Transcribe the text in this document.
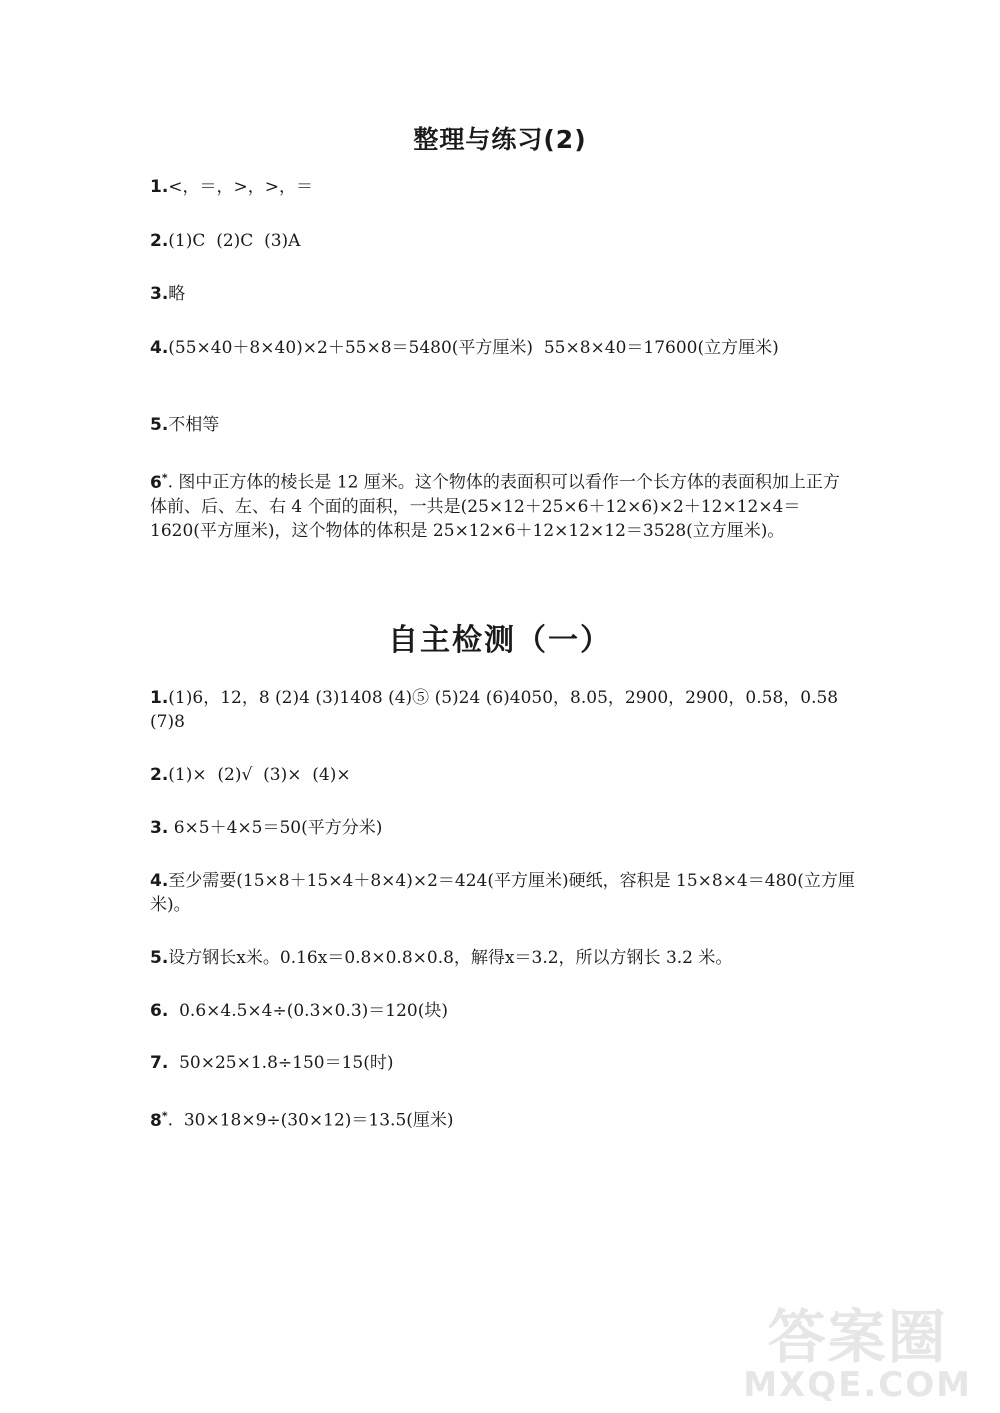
整理与练习(2)
1.<，＝，>，>，＝
2.(1)C  (2)C  (3)A
3.略
4.(55×40＋8×40)×2＋55×8＝5480(平方厘米)  55×8×40＝17600(立方厘米)
5.不相等
6*. 图中正方体的棱长是 12 厘米。这个物体的表面积可以看作一个长方体的表面积加上正方体前、后、左、右 4 个面的面积，一共是(25×12＋25×6＋12×6)×2＋12×12×4＝1620(平方厘米)，这个物体的体积是 25×12×6＋12×12×12＝3528(立方厘米)。
自主检测（一）
1.(1)6，12，8 (2)4 (3)1408 (4)⑤ (5)24 (6)4050，8.05，2900，2900，0.58，0.58 (7)8
2.(1)×  (2)√  (3)×  (4)×
3. 6×5＋4×5＝50(平方分米)
4.至少需要(15×8＋15×4＋8×4)×2＝424(平方厘米)硬纸，容积是 15×8×4＝480(立方厘米)。
5.设方钢长x米。0.16x＝0.8×0.8×0.8，解得x＝3.2，所以方钢长 3.2 米。
6.  0.6×4.5×4÷(0.3×0.3)＝120(块)
7.  50×25×1.8÷150＝15(时)
8*.  30×18×9÷(30×12)＝13.5(厘米)
答案圈
MXQE.COM
